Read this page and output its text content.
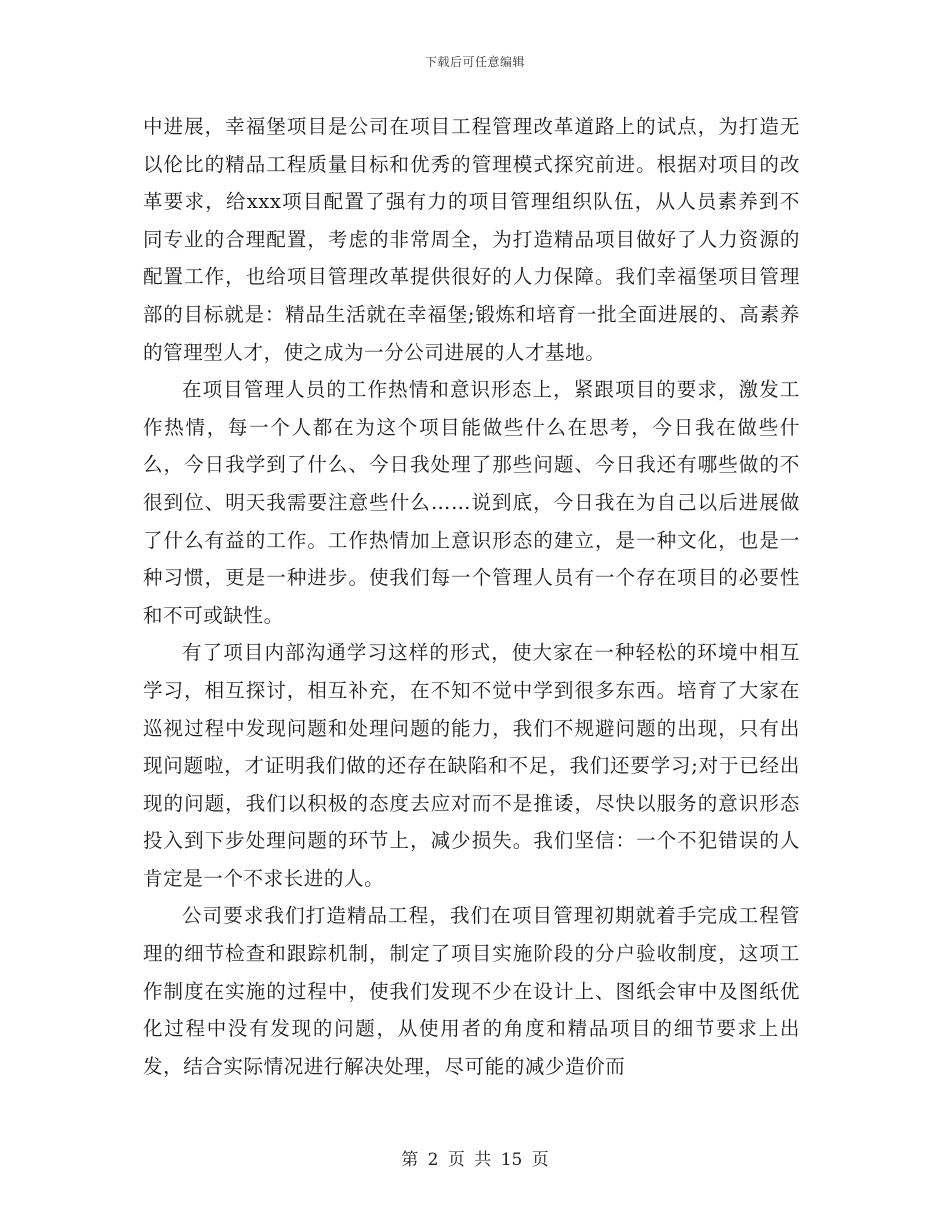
下载后可任意编辑

中进展，幸福堡项目是公司在项目工程管理改革道路上的试点，为打造无以伦比的精品工程质量目标和优秀的管理模式探究前进。根据对项目的改革要求，给xxx项目配置了强有力的项目管理组织队伍，从人员素养到不同专业的合理配置，考虑的非常周全，为打造精品项目做好了人力资源的配置工作，也给项目管理改革提供很好的人力保障。我们幸福堡项目管理部的目标就是：精品生活就在幸福堡;锻炼和培育一批全面进展的、高素养的管理型人才，使之成为一分公司进展的人才基地。

在项目管理人员的工作热情和意识形态上，紧跟项目的要求，激发工作热情，每一个人都在为这个项目能做些什么在思考，今日我在做些什么，今日我学到了什么、今日我处理了那些问题、今日我还有哪些做的不很到位、明天我需要注意些什么……说到底，今日我在为自己以后进展做了什么有益的工作。工作热情加上意识形态的建立，是一种文化，也是一种习惯，更是一种进步。使我们每一个管理人员有一个存在项目的必要性和不可或缺性。

有了项目内部沟通学习这样的形式，使大家在一种轻松的环境中相互学习，相互探讨，相互补充，在不知不觉中学到很多东西。培育了大家在巡视过程中发现问题和处理问题的能力，我们不规避问题的出现，只有出现问题啦，才证明我们做的还存在缺陷和不足，我们还要学习;对于已经出现的问题，我们以积极的态度去应对而不是推诿，尽快以服务的意识形态投入到下步处理问题的环节上，减少损失。我们坚信：一个不犯错误的人肯定是一个不求长进的人。

公司要求我们打造精品工程，我们在项目管理初期就着手完成工程管理的细节检查和跟踪机制，制定了项目实施阶段的分户验收制度，这项工作制度在实施的过程中，使我们发现不少在设计上、图纸会审中及图纸优化过程中没有发现的问题，从使用者的角度和精品项目的细节要求上出发，结合实际情况进行解决处理，尽可能的减少造价而

第 2 页 共 15 页
